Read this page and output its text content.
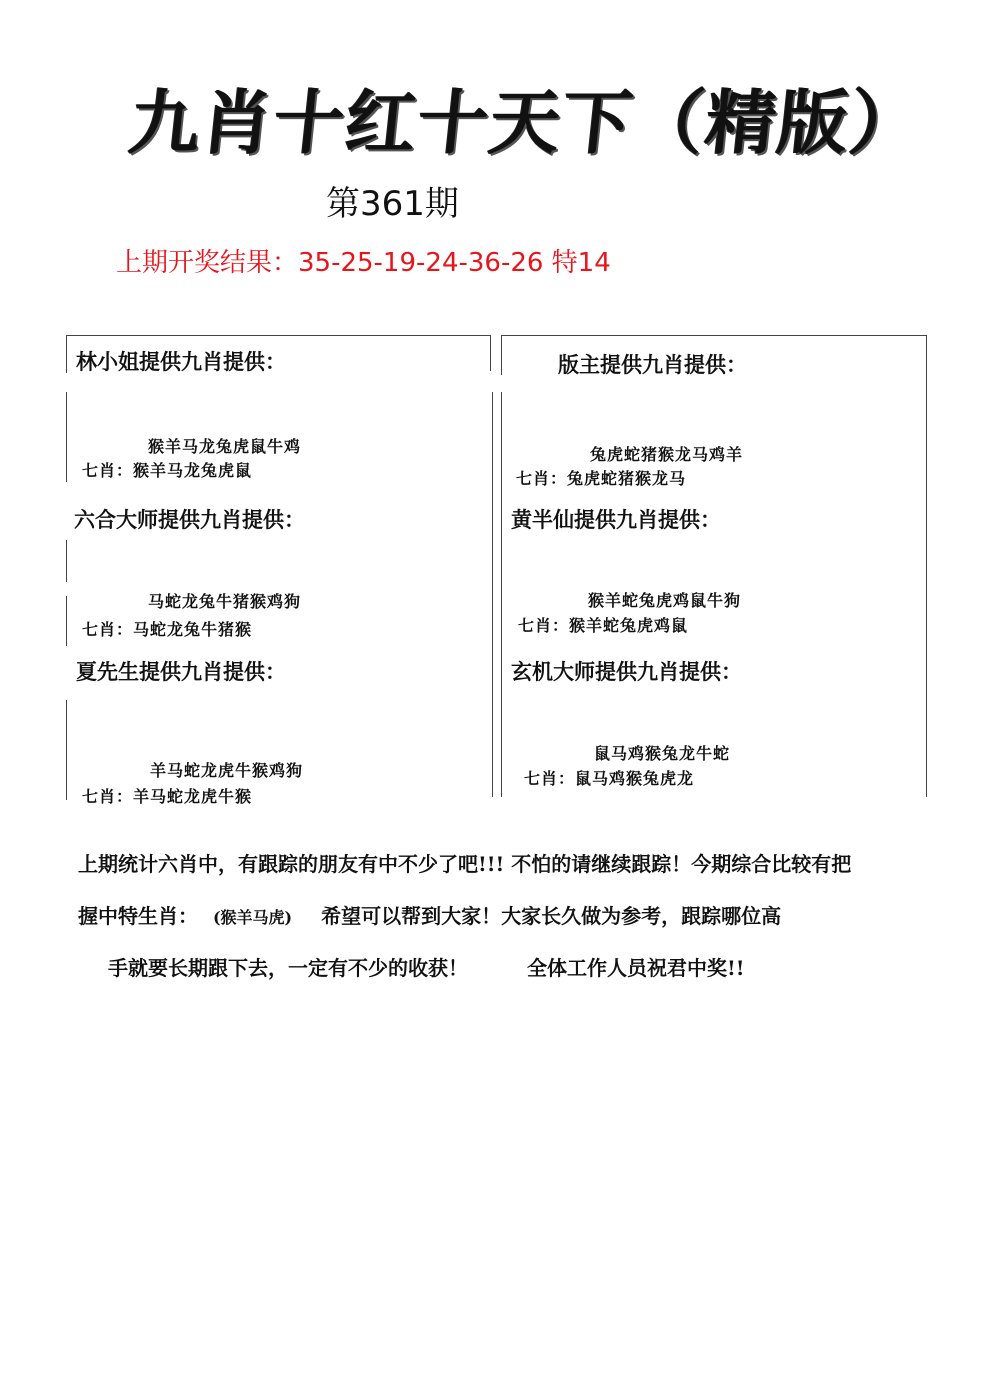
九肖十红十天下（精版）
第361期
上期开奖结果：35-25-19-24-36-26 特14
林小姐提供九肖提供：
猴羊马龙兔虎鼠牛鸡
七肖：猴羊马龙兔虎鼠
版主提供九肖提供：
兔虎蛇猪猴龙马鸡羊
七肖：兔虎蛇猪猴龙马
六合大师提供九肖提供：
马蛇龙兔牛猪猴鸡狗
七肖：马蛇龙兔牛猪猴
黄半仙提供九肖提供：
猴羊蛇兔虎鸡鼠牛狗
七肖：猴羊蛇兔虎鸡鼠
夏先生提供九肖提供：
羊马蛇龙虎牛猴鸡狗
七肖：羊马蛇龙虎牛猴
玄机大师提供九肖提供：
鼠马鸡猴兔龙牛蛇
七肖：鼠马鸡猴兔虎龙
上期统计六肖中，有跟踪的朋友有中不少了吧!!! 不怕的请继续跟踪！今期综合比较有把
握中特生肖： (猴羊马虎) 希望可以帮到大家！大家长久做为参考，跟踪哪位高
手就要长期跟下去，一定有不少的收获！	全体工作人员祝君中奖!!
